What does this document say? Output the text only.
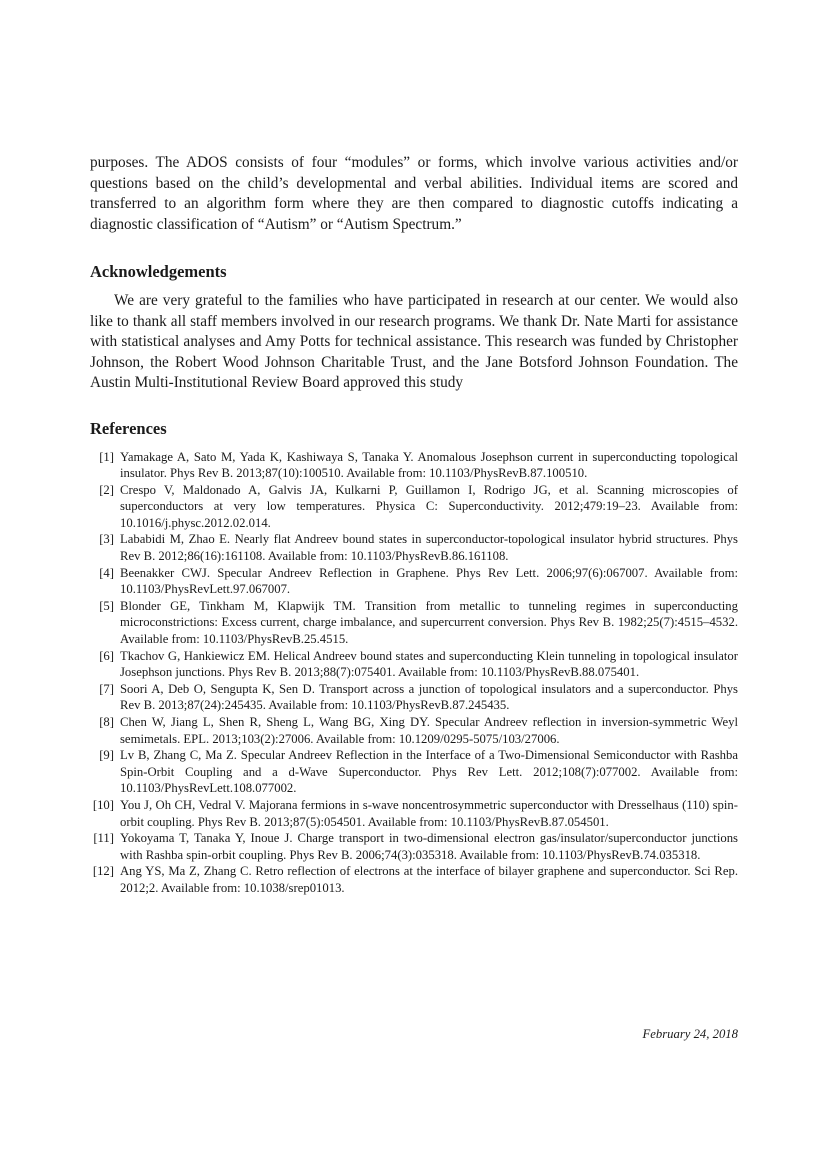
purposes. The ADOS consists of four “modules” or forms, which involve various activities and/or questions based on the child’s developmental and verbal abilities. Individual items are scored and transferred to an algorithm form where they are then compared to diagnostic cutoffs indicating a diagnostic classification of “Autism” or “Autism Spectrum.”

Acknowledgements

We are very grateful to the families who have participated in research at our center. We would also like to thank all staff members involved in our research programs. We thank Dr. Nate Marti for assistance with statistical analyses and Amy Potts for technical assistance. This research was funded by Christopher Johnson, the Robert Wood Johnson Charitable Trust, and the Jane Botsford Johnson Foundation. The Austin Multi-Institutional Review Board approved this study

References
[1] Yamakage A, Sato M, Yada K, Kashiwaya S, Tanaka Y. Anomalous Josephson current in superconducting topological insulator. Phys Rev B. 2013;87(10):100510. Available from: 10.1103/PhysRevB.87.100510.
[2] Crespo V, Maldonado A, Galvis JA, Kulkarni P, Guillamon I, Rodrigo JG, et al. Scanning microscopies of superconductors at very low temperatures. Physica C: Superconductivity. 2012;479:19–23. Available from: 10.1016/j.physc.2012.02.014.
[3] Lababidi M, Zhao E. Nearly flat Andreev bound states in superconductor-topological insulator hybrid structures. Phys Rev B. 2012;86(16):161108. Available from: 10.1103/PhysRevB.86.161108.
[4] Beenakker CWJ. Specular Andreev Reflection in Graphene. Phys Rev Lett. 2006;97(6):067007. Available from: 10.1103/PhysRevLett.97.067007.
[5] Blonder GE, Tinkham M, Klapwijk TM. Transition from metallic to tunneling regimes in superconducting microconstrictions: Excess current, charge imbalance, and supercurrent conversion. Phys Rev B. 1982;25(7):4515–4532. Available from: 10.1103/PhysRevB.25.4515.
[6] Tkachov G, Hankiewicz EM. Helical Andreev bound states and superconducting Klein tunneling in topological insulator Josephson junctions. Phys Rev B. 2013;88(7):075401. Available from: 10.1103/PhysRevB.88.075401.
[7] Soori A, Deb O, Sengupta K, Sen D. Transport across a junction of topological insulators and a superconductor. Phys Rev B. 2013;87(24):245435. Available from: 10.1103/PhysRevB.87.245435.
[8] Chen W, Jiang L, Shen R, Sheng L, Wang BG, Xing DY. Specular Andreev reflection in inversion-symmetric Weyl semimetals. EPL. 2013;103(2):27006. Available from: 10.1209/0295-5075/103/27006.
[9] Lv B, Zhang C, Ma Z. Specular Andreev Reflection in the Interface of a Two-Dimensional Semiconductor with Rashba Spin-Orbit Coupling and a d-Wave Superconductor. Phys Rev Lett. 2012;108(7):077002. Available from: 10.1103/PhysRevLett.108.077002.
[10] You J, Oh CH, Vedral V. Majorana fermions in s-wave noncentrosymmetric superconductor with Dresselhaus (110) spin-orbit coupling. Phys Rev B. 2013;87(5):054501. Available from: 10.1103/PhysRevB.87.054501.
[11] Yokoyama T, Tanaka Y, Inoue J. Charge transport in two-dimensional electron gas/insulator/superconductor junctions with Rashba spin-orbit coupling. Phys Rev B. 2006;74(3):035318. Available from: 10.1103/PhysRevB.74.035318.
[12] Ang YS, Ma Z, Zhang C. Retro reflection of electrons at the interface of bilayer graphene and superconductor. Sci Rep. 2012;2. Available from: 10.1038/srep01013.
February 24, 2018
